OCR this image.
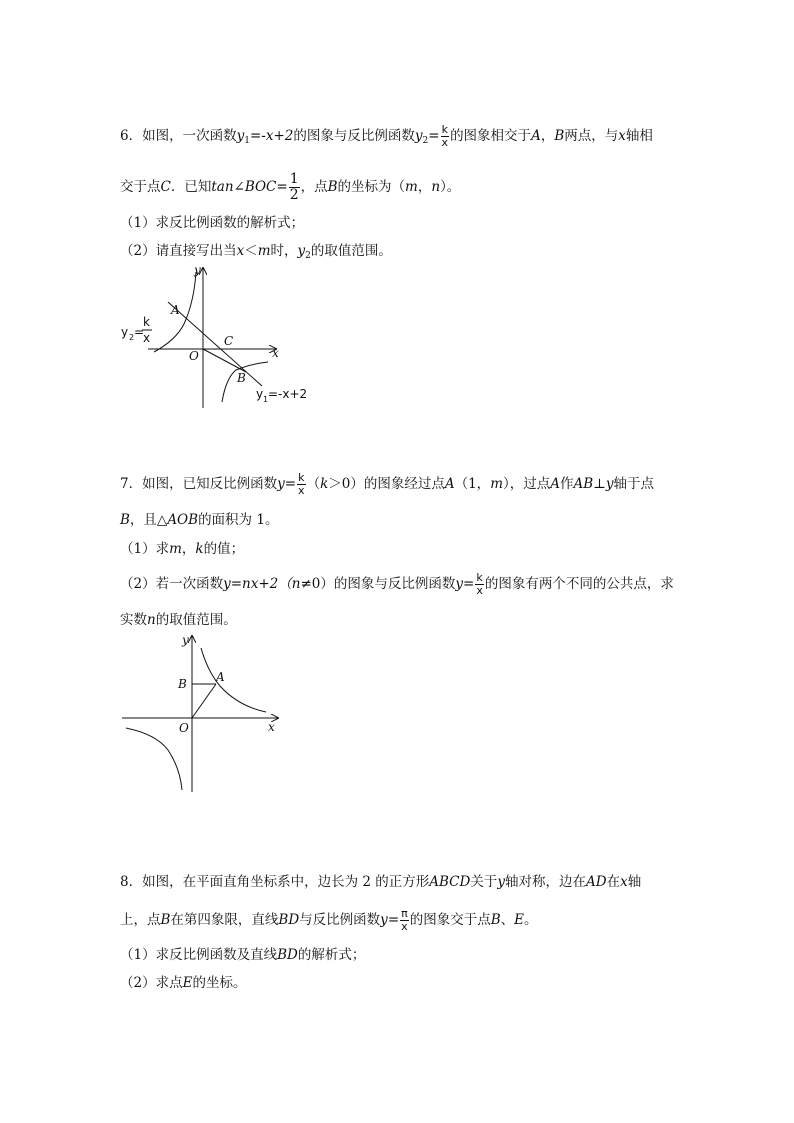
6．如图，一次函数$y_1=-x+2$的图象与反比例函数$y_2= \frac{k}{x}$ 的图象相交于A，B两点，与x轴相
交于点C．已知tan∠BOC= $\frac{1}{2}$ ，点B的坐标为（m，n）。
（1）求反比例函数的解析式；
（2）请直接写出当x＜m时，$y_2$的取值范围。
y
x
O
A
C
B
y 2 =
k
x
y 1 =-x+2
7．如图，已知反比例函数$y= \frac{k}{x} (k>0)$的图象经过点A（1，m），过点A作AB⊥y轴于点
B，且△AOB的面积为 1。
（1）求m，k的值；
（2）若一次函数y=nx+2（n≠0）的图象与反比例函数$y= \frac{k}{x}$ 的图象有两个不同的公共点，求
实数n的取值范围。
y
x
O
B A
8．如图，在平面直角坐标系中，边长为 2 的正方形ABCD关于y轴对称，边在AD在x轴
上，点B在第四象限，直线BD与反比例函数$y= \frac{\pi}{x}$ 的图象交于点B、E。
（1）求反比例函数及直线BD的解析式；
（2）求点E的坐标。
